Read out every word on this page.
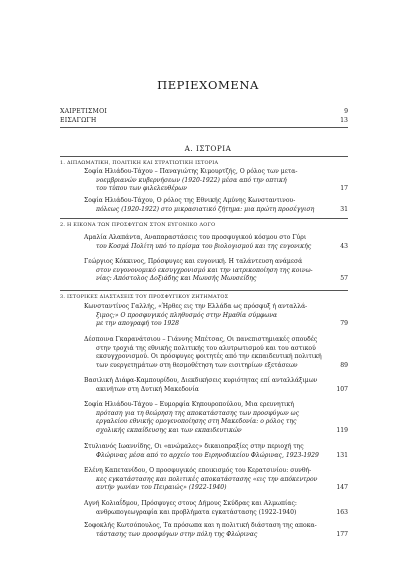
ΠΕΡΙΕΧΟΜΕΝΑ
ΧΑΙΡΕΤΙΣΜΟΙ	9
ΕΙΣΑΓΩΓΗ	13
Α. ΙΣΤΟΡΙΑ
1. ΔΙΠΛΩΜΑΤΙΚΗ, ΠΟΛΙΤΙΚΗ ΚΑΙ ΣΤΡΑΤΙΩΤΙΚΗ ΙΣΤΟΡΙΑ
Σοφία Ηλιάδου-Τάχου – Παναγιώτης Κιμουρτζής, Ο ρόλος των μετα-
νοεμβριανών κυβερνήσεων (1920-1922) μέσα από την οπτική
του τύπου των φιλελευθέρων	17
Σοφία Ηλιάδου-Τάχου, Ο ρόλος της Εθνικής Αμύνης Κωνσταντινου-
πόλεως (1920-1922) στο μικρασιατικό ζήτημα: μια πρώτη προσέγγιση	31
2. Η ΕΙΚΟΝΑ ΤΩΝ ΠΡΟΣΦΥΓΩΝ ΣΤΟΝ ΕΥΓΟΝΙΚΟ ΛΟΓΟ
Αμαλία Αλαπάντα, Αναπαραστάσεις του προσφυγικού κόσμου στο Γύρι
του Κοσμά Πολίτη υπό το πρίσμα του βιολογισμού και της ευγονικής	43
Γεώργιος Κόκκινος, Πρόσφυγες και ευγονική. Η ταλάντευση ανάμεσά
στον ευγονονομικό εκσυγχρονισμό και την ιατρικοποίηση της κοινω-
νίας: Απόστολος Δοξιάδης και Μωυσής Μωυσείδης	57
3. ΙΣΤΟΡΙΚΕΣ ΔΙΑΣΤΑΣΕΙΣ ΤΟΥ ΠΡΟΣΦΥΓΙΚΟΥ ΖΗΤΗΜΑΤΟΣ
Κωνσταντίνος Γαλλής, «Ήρθες εις την Ελλάδα ως πρόσφυξ ή ανταλλά-
ξιμος;» Ο προσφυγικός πληθυσμός στην Ημαθία σύμφωνα
με την απογραφή του 1928	79
Δέσποινα Γκαρανάτσιου – Γιάννης Μπέτσας, Οι πανεπιστημιακές σπουδές
στην τροχιά της εθνικής πολιτικής του αλυτρωτισμού και του αστικού
εκσυγχρονισμού. Οι πρόσφυγες φοιτητές από την εκπαιδευτική πολιτική
των ευεργετημάτων στη θεσμοθέτηση των εισιτηρίων εξετάσεων	89
Βασιλική Διάφα-Καμπουρίδου, Διεκδικήσεις κυριότητας επί ανταλλάξιμων
ακινήτων στη Δυτική Μακεδονία	107
Σοφία Ηλιάδου-Τάχου – Ευμορφία Κηπουροπούλου, Μια ερευνητική
πρόταση για τη θεώρηση της αποκατάστασης των προσφύγων ως
εργαλείου εθνικής ομογενοποίησης στη Μακεδονία: ο ρόλος της
σχολικής εκπαίδευσης και των εκπαιδευτικών	119
Στυλιανός Ιωαννίδης, Οι «ανώμαλες» δικαιοπραξίες στην περιοχή της
Φλώρινας μέσα από το αρχείο του Ειρηνοδικείου Φλώρινας, 1923-1929	131
Ελένη Καπετανίδου, Ο προσφυγικός εποικισμός του Κερατσινίου: συνθή-
κες εγκατάστασης και πολιτικές αποκατάστασης «εις την απόκεντρον
αυτήν γωνίαν του Πειραιώς» (1922-1940)	147
Αγνή Κολιαΐδμου, Πρόσφυγες στους Δήμους Σκύδρας και Αλμωπίας:
ανθρωπογεωγραφία και προβλήματα εγκατάστασης (1922-1940)	163
Σοφοκλής Κωτσόπουλος, Τα πρόσωπα και η πολιτική διάσταση της αποκα-
τάστασης των προσφύγων στην πόλη της Φλώρινας	177
